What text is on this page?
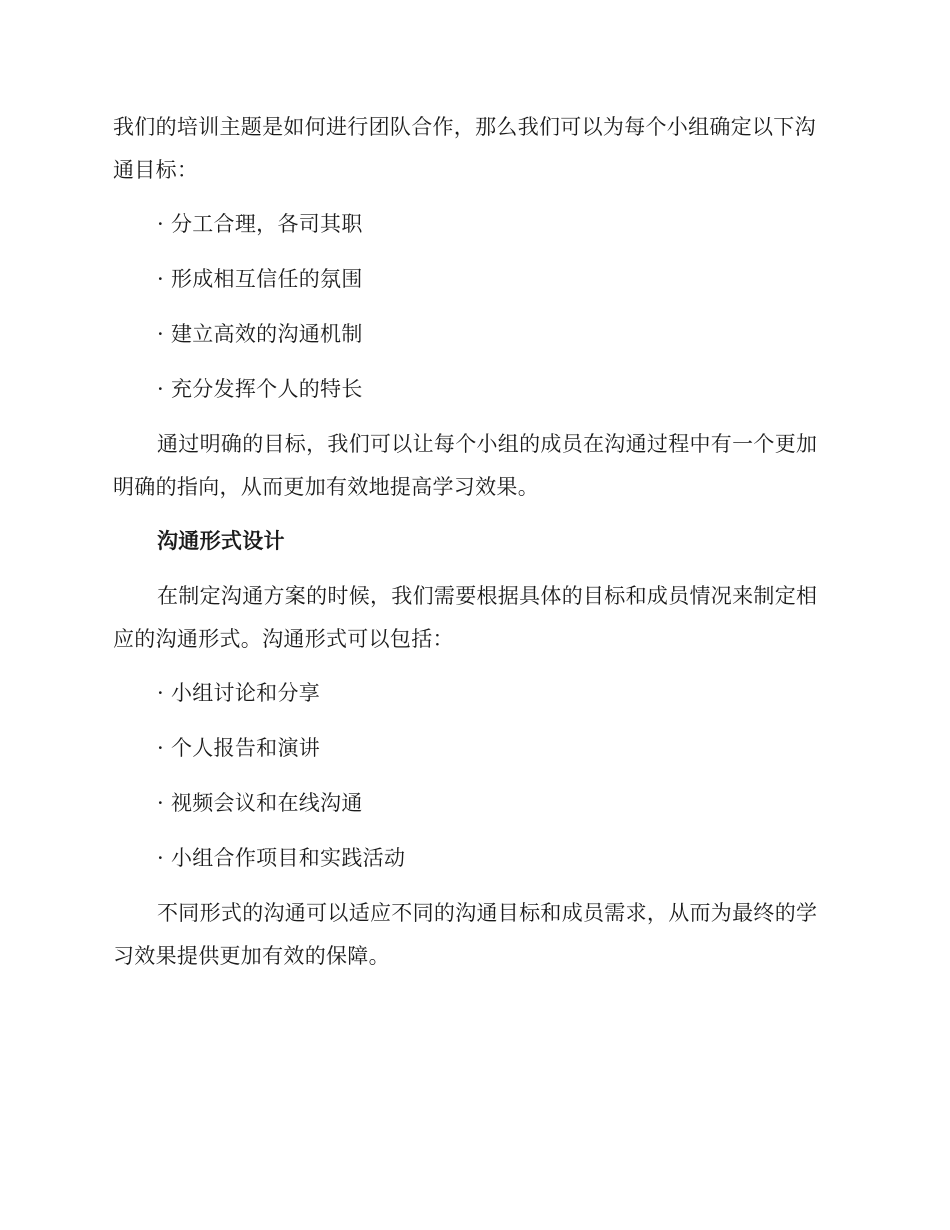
我们的培训主题是如何进行团队合作，那么我们可以为每个小组确定以下沟
通目标：
· 分工合理，各司其职
· 形成相互信任的氛围
· 建立高效的沟通机制
· 充分发挥个人的特长
通过明确的目标，我们可以让每个小组的成员在沟通过程中有一个更加
明确的指向，从而更加有效地提高学习效果。
沟通形式设计
在制定沟通方案的时候，我们需要根据具体的目标和成员情况来制定相
应的沟通形式。沟通形式可以包括：
· 小组讨论和分享
· 个人报告和演讲
· 视频会议和在线沟通
· 小组合作项目和实践活动
不同形式的沟通可以适应不同的沟通目标和成员需求，从而为最终的学
习效果提供更加有效的保障。
